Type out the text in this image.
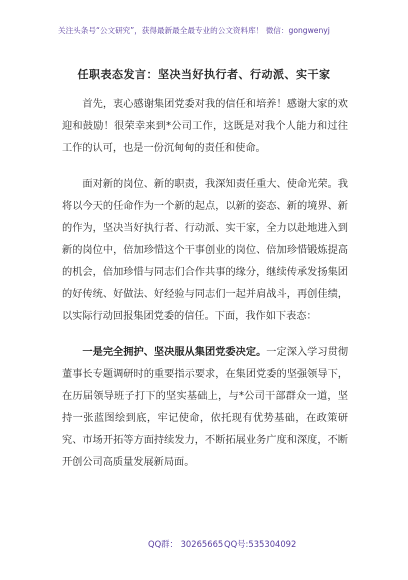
关注头条号“公文研究”，获得最新最全最专业的公文资料库！ 微信：gongwenyj
任职表态发言：坚决当好执行者、行动派、实干家

首先，衷心感谢集团党委对我的信任和培养！感谢大家的欢迎和鼓励！很荣幸来到*公司工作，这既是对我个人能力和过往工作的认可，也是一份沉甸甸的责任和使命。

面对新的岗位、新的职责，我深知责任重大、使命光荣。我将以今天的任命作为一个新的起点，以新的姿态、新的境界、新的作为，坚决当好执行者、行动派、实干家，全力以赴地进入到新的岗位中，倍加珍惜这个干事创业的岗位、倍加珍惜锻炼提高的机会，倍加珍惜与同志们合作共事的缘分，继续传承发扬集团的好传统、好做法、好经验与同志们一起并肩战斗，再创佳绩，以实际行动回报集团党委的信任。下面，我作如下表态：

一是完全拥护、坚决服从集团党委决定。一定深入学习贯彻董事长专题调研时的重要指示要求，在集团党委的坚强领导下，在历届领导班子打下的坚实基础上，与*公司干部群众一道，坚持一张蓝图绘到底，牢记使命，依托现有优势基础，在政策研究、市场开拓等方面持续发力，不断拓展业务广度和深度，不断开创公司高质量发展新局面。

QQ群： 30265665 QQ号:535304092
